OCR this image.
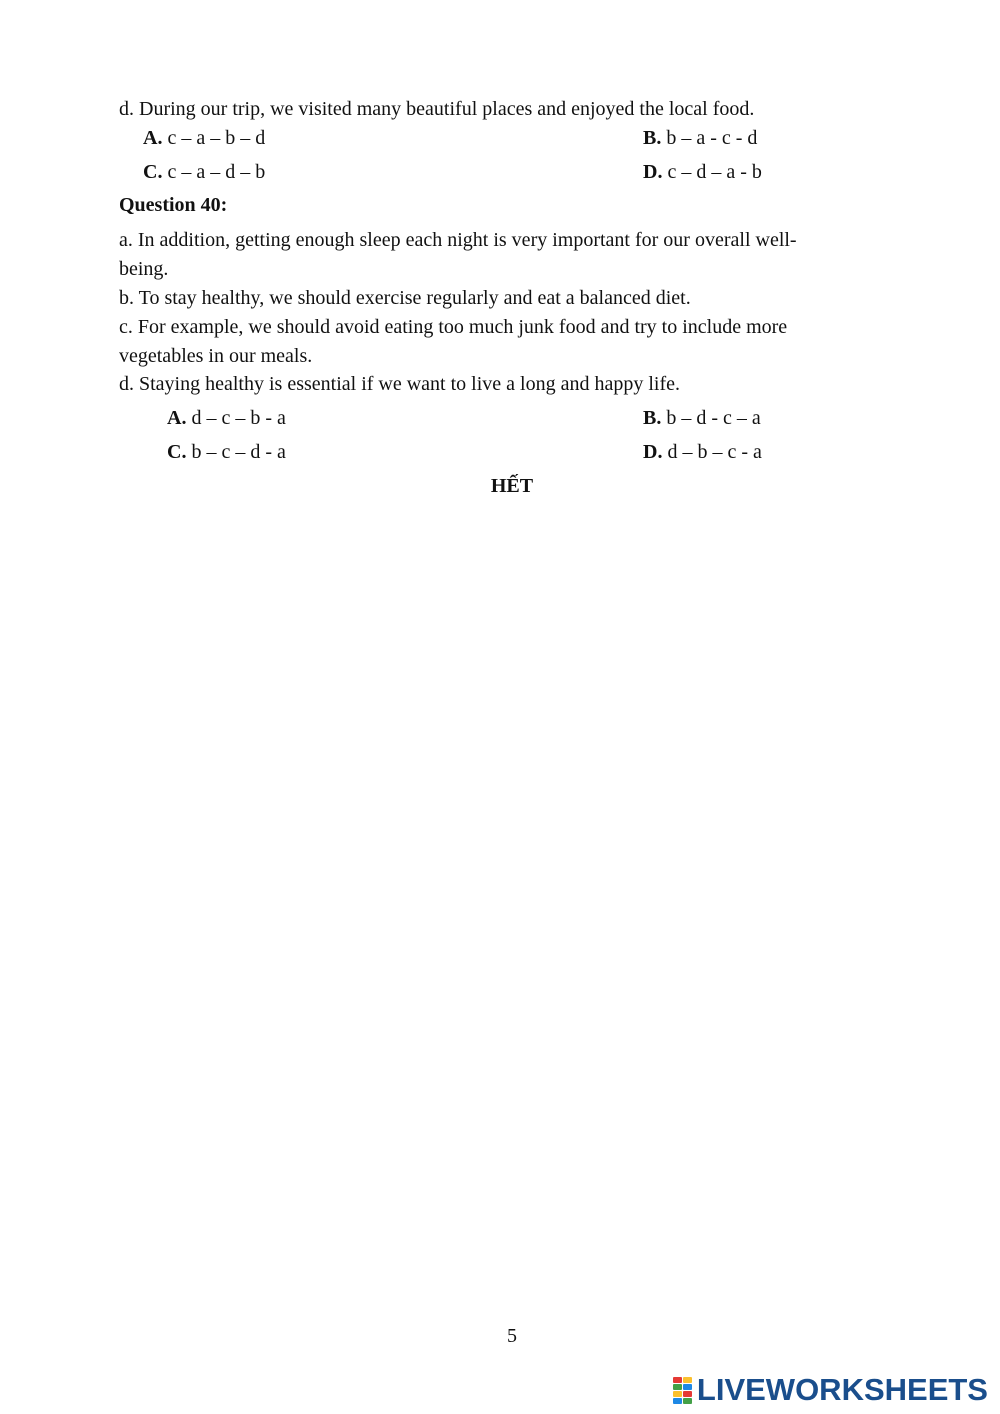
d. During our trip, we visited many beautiful places and enjoyed the local food.
A. c – a – b – d	B. b – a - c - d
C. c – a – d – b	D. c – d – a - b
Question 40:
a. In addition, getting enough sleep each night is very important for our overall well-
being.
b. To stay healthy, we should exercise regularly and eat a balanced diet.
c. For example, we should avoid eating too much junk food and try to include more
vegetables in our meals.
d. Staying healthy is essential if we want to live a long and happy life.
A. d – c – b - a	B. b – d - c – a
C. b – c – d - a	D. d – b – c - a
HẾT
5
LIVEWORKSHEETS
